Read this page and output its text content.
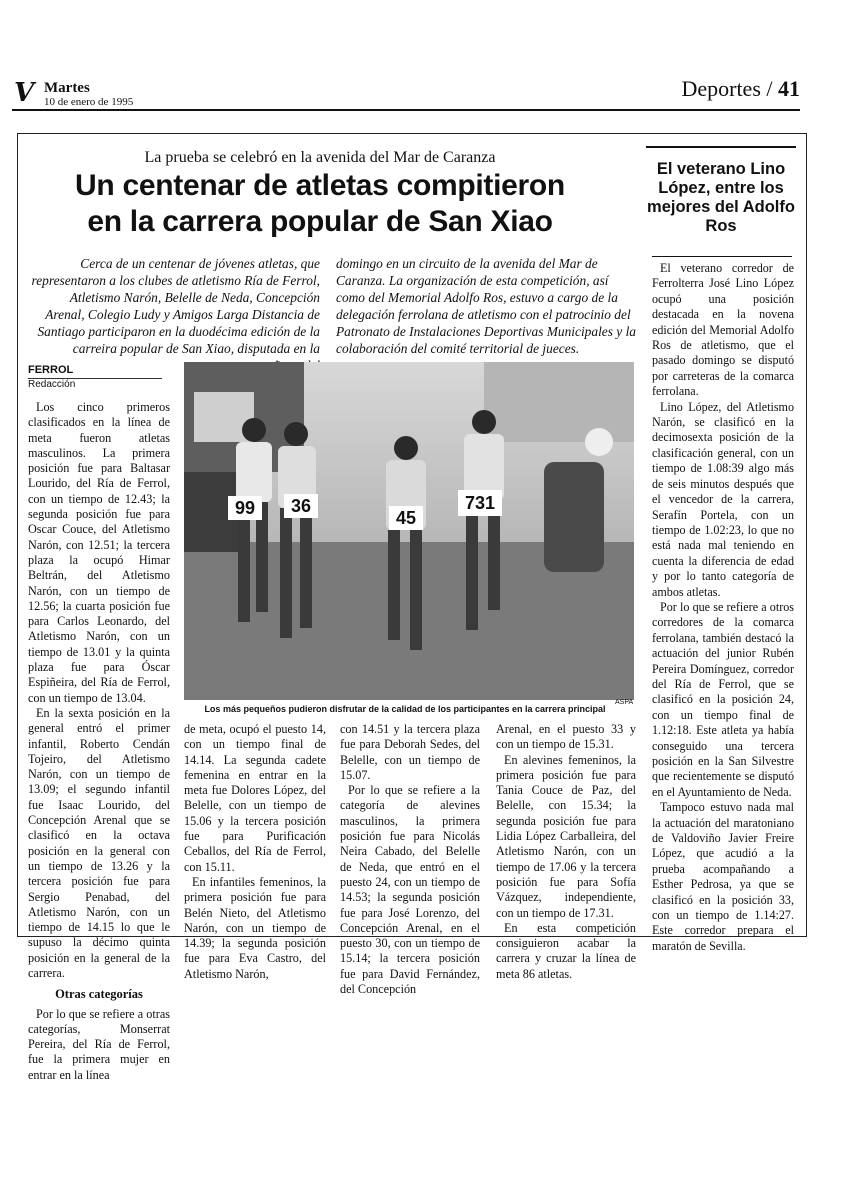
V Martes
10 de enero de 1995
Deportes / 41
La prueba se celebró en la avenida del Mar de Caranza
Un centenar de atletas compitieron
en la carrera popular de San Xiao
Cerca de un centenar de jóvenes atletas, que representaron a los clubes de atletismo Ría de Ferrol, Atletismo Narón, Belelle de Neda, Concepción Arenal, Colegio Ludy y Amigos Larga Distancia de Santiago participaron en la duodécima edición de la carreira popular de San Xiao, disputada en la
domingo en un circuito de la avenida del Mar de Caranza. La organización de esta competición, así como del Memorial Adolfo Ros, estuvo a cargo de la delegación ferrolana de atletismo con el patrocinio del Patronato de Instalaciones Deportivas Municipales y la colaboración del comité territorial de jueces.
FERROL
Redacción

Los cinco primeros clasificados en la línea de meta fueron atletas masculinos. La primera posición fue para Baltasar Lourido, del Ría de Ferrol, con un tiempo de 12.43; la segunda posición fue para Oscar Couce, del Atletismo Narón, con 12.51; la tercera plaza la ocupó Himar Beltrán, del Atletismo Narón, con un tiempo de 12.56; la cuarta posición fue para Carlos Leonardo, del Atletismo Narón, con un tiempo de 13.01 y la quinta plaza fue para Óscar Espiñeira, del Ría de Ferrol, con un tiempo de 13.04.

En la sexta posición en la general entró el primer infantil, Roberto Cendán Tojeiro, del Atletismo Narón, con un tiempo de 13.09; el segundo infantil fue Isaac Lourido, del Concepción Arenal que se clasificó en la octava posición en la general con un tiempo de 13.26 y la tercera posición fue para Sergio Penabad, del Atletismo Narón, con un tiempo de 14.15 lo que le supuso la décimo quinta posición en la general de la carrera.

Otras categorías

Por lo que se refiere a otras categorías, Monserrat Pereira, del Ría de Ferrol, fue la primera mujer en entrar en la línea

99 36
45
731
ASPA
Los más pequeños pudieron disfrutar de la calidad de los participantes en la carrera principal

de meta, ocupó el puesto 14, con un tiempo final de 14.14. La segunda cadete femenina en entrar en la meta fue Dolores López, del Belelle, con un tiempo de 15.06 y la tercera posición fue para Purificación Ceballos, del Ría de Ferrol, con 15.11.

En infantiles femeninos, la primera posición fue para Belén Nieto, del Atletismo Narón, con un tiempo de 14.39; la segunda posición fue para Eva Castro, del Atletismo Narón,

con 14.51 y la tercera plaza fue para Deborah Sedes, del Belelle, con un tiempo de 15.07.

Por lo que se refiere a la categoría de alevines masculinos, la primera posición fue para Nicolás Neira Cabado, del Belelle de Neda, que entró en el puesto 24, con un tiempo de 14.53; la segunda posición fue para José Lorenzo, del Concepción Arenal, en el puesto 30, con un tiempo de 15.14; la tercera posición fue para David Fernández, del Concepción

Arenal, en el puesto 33 y con un tiempo de 15.31.

En alevines femeninos, la primera posición fue para Tania Couce de Paz, del Belelle, con 15.34; la segunda posición fue para Lidia López Carballeira, del Atletismo Narón, con un tiempo de 17.06 y la tercera posición fue para Sofía Vázquez, independiente, con un tiempo de 17.31.

En esta competición consiguieron acabar la carrera y cruzar la línea de meta 86 atletas.

El veterano Lino López, entre los mejores del Adolfo Ros

El veterano corredor de Ferrolterra José Lino López ocupó una posición destacada en la novena edición del Memorial Adolfo Ros de atletismo, que el pasado domingo se disputó por carreteras de la comarca ferrolana.

Lino López, del Atletismo Narón, se clasificó en la decimosexta posición de la clasificación general, con un tiempo de 1.08:39 algo más de seis minutos después que el vencedor de la carrera, Serafín Portela, con un tiempo de 1.02:23, lo que no está nada mal teniendo en cuenta la diferencia de edad y por lo tanto categoría de ambos atletas.

Por lo que se refiere a otros corredores de la comarca ferrolana, también destacó la actuación del junior Rubén Pereira Domínguez, corredor del Ría de Ferrol, que se clasificó en la posición 24, con un tiempo final de 1.12:18. Este atleta ya había conseguido una tercera posición en la San Silvestre que recientemente se disputó en el Ayuntamiento de Neda.

Tampoco estuvo nada mal la actuación del maratoniano de Valdoviño Javier Freire López, que acudió a la prueba acompañando a Esther Pedrosa, ya que se clasificó en la posición 33, con un tiempo de 1.14:27. Este corredor prepara el maratón de Sevilla.
